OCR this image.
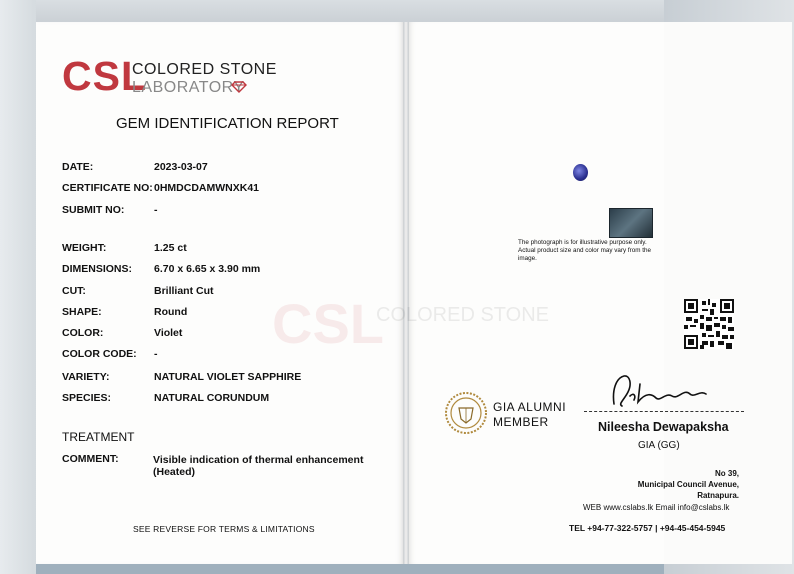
CSL
COLORED STONE
LABORATORY
GEM IDENTIFICATION REPORT
DATE:	2023-03-07
CERTIFICATE NO: 0HMDCDAMWNXK41
SUBMIT NO:	-
WEIGHT:	1.25 ct
DIMENSIONS: 6.70 x 6.65 x 3.90 mm
CUT:	Brilliant Cut
SHAPE:	Round
COLOR:	Violet
COLOR CODE: -
VARIETY:	NATURAL VIOLET SAPPHIRE
SPECIES:	NATURAL CORUNDUM
TREATMENT
COMMENT:	Visible indication of thermal enhancement (Heated)
SEE REVERSE FOR TERMS & LIMITATIONS
CSL
COLORED STONE
The photograph is for illustrative purpose only. Actual product size and color may vary from the image.
GIA ALUMNI
MEMBER	Nileesha Dewapaksha
GIA (GG)
No 39,
Municipal Council Avenue,
Ratnapura.
WEB www.cslabs.lk Email info@cslabs.lk
TEL +94-77-322-5757 | +94-45-454-5945
